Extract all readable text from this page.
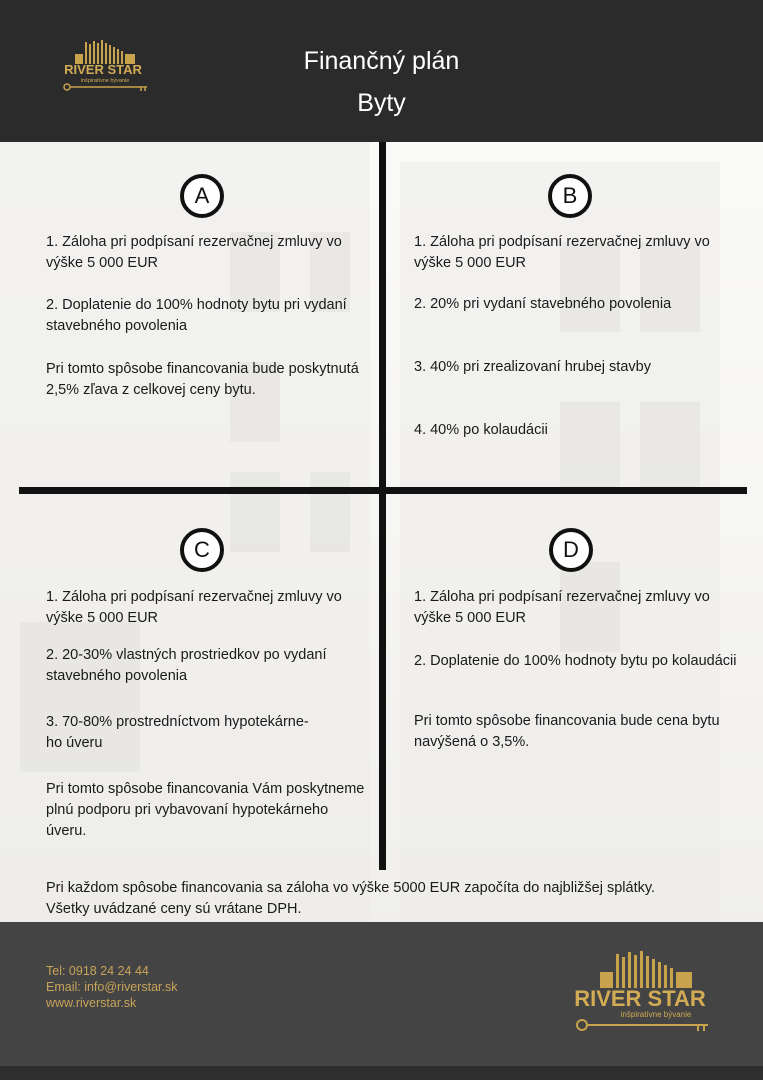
RIVER STAR
inšpiratívne bývanie
Finančný plán
Byty
A

1. Záloha pri podpísaní rezervačnej zmluvy vo výške 5 000 EUR

2. Doplatenie do 100% hodnoty bytu pri vydaní stavebného povolenia

Pri tomto spôsobe financovania bude poskytnutá 2,5% zľava z celkovej ceny bytu.

B

1. Záloha pri podpísaní rezervačnej zmluvy vo výške 5 000 EUR

2. 20% pri vydaní stavebného povolenia

3. 40% pri zrealizovaní hrubej stavby

4. 40% po kolaudácii

C

1. Záloha pri podpísaní rezervačnej zmluvy vo výške 5 000 EUR

2. 20-30% vlastných prostriedkov po vydaní stavebného povolenia

3. 70-80% prostredníctvom hypotekárne-
ho úveru

Pri tomto spôsobe financovania Vám poskytneme plnú podporu pri vybavovaní hypotekárneho úveru.

D

1. Záloha pri podpísaní rezervačnej zmluvy vo výške 5 000 EUR

2. Doplatenie do 100% hodnoty bytu po kolaudácii

Pri tomto spôsobe financovania bude cena bytu navýšená o 3,5%.

Pri každom spôsobe financovania sa záloha vo výške 5000 EUR započíta do najbližšej splátky.
Všetky uvádzané ceny sú vrátane DPH.
Tel: 0918 24 24 44
Email: info@riverstar.sk
www.riverstar.sk	RIVER STAR
inšpiratívne bývanie
